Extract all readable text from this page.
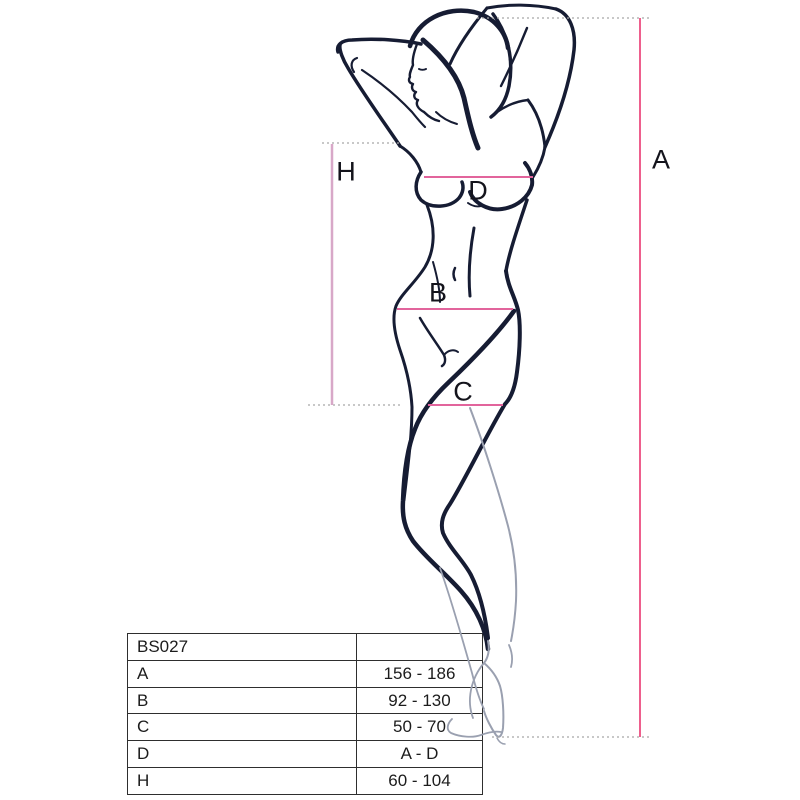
BS027	
A	156 - 186
B	92 - 130
C	50 - 70
D	A - D
H	60 - 104
A
H
D
B
C
